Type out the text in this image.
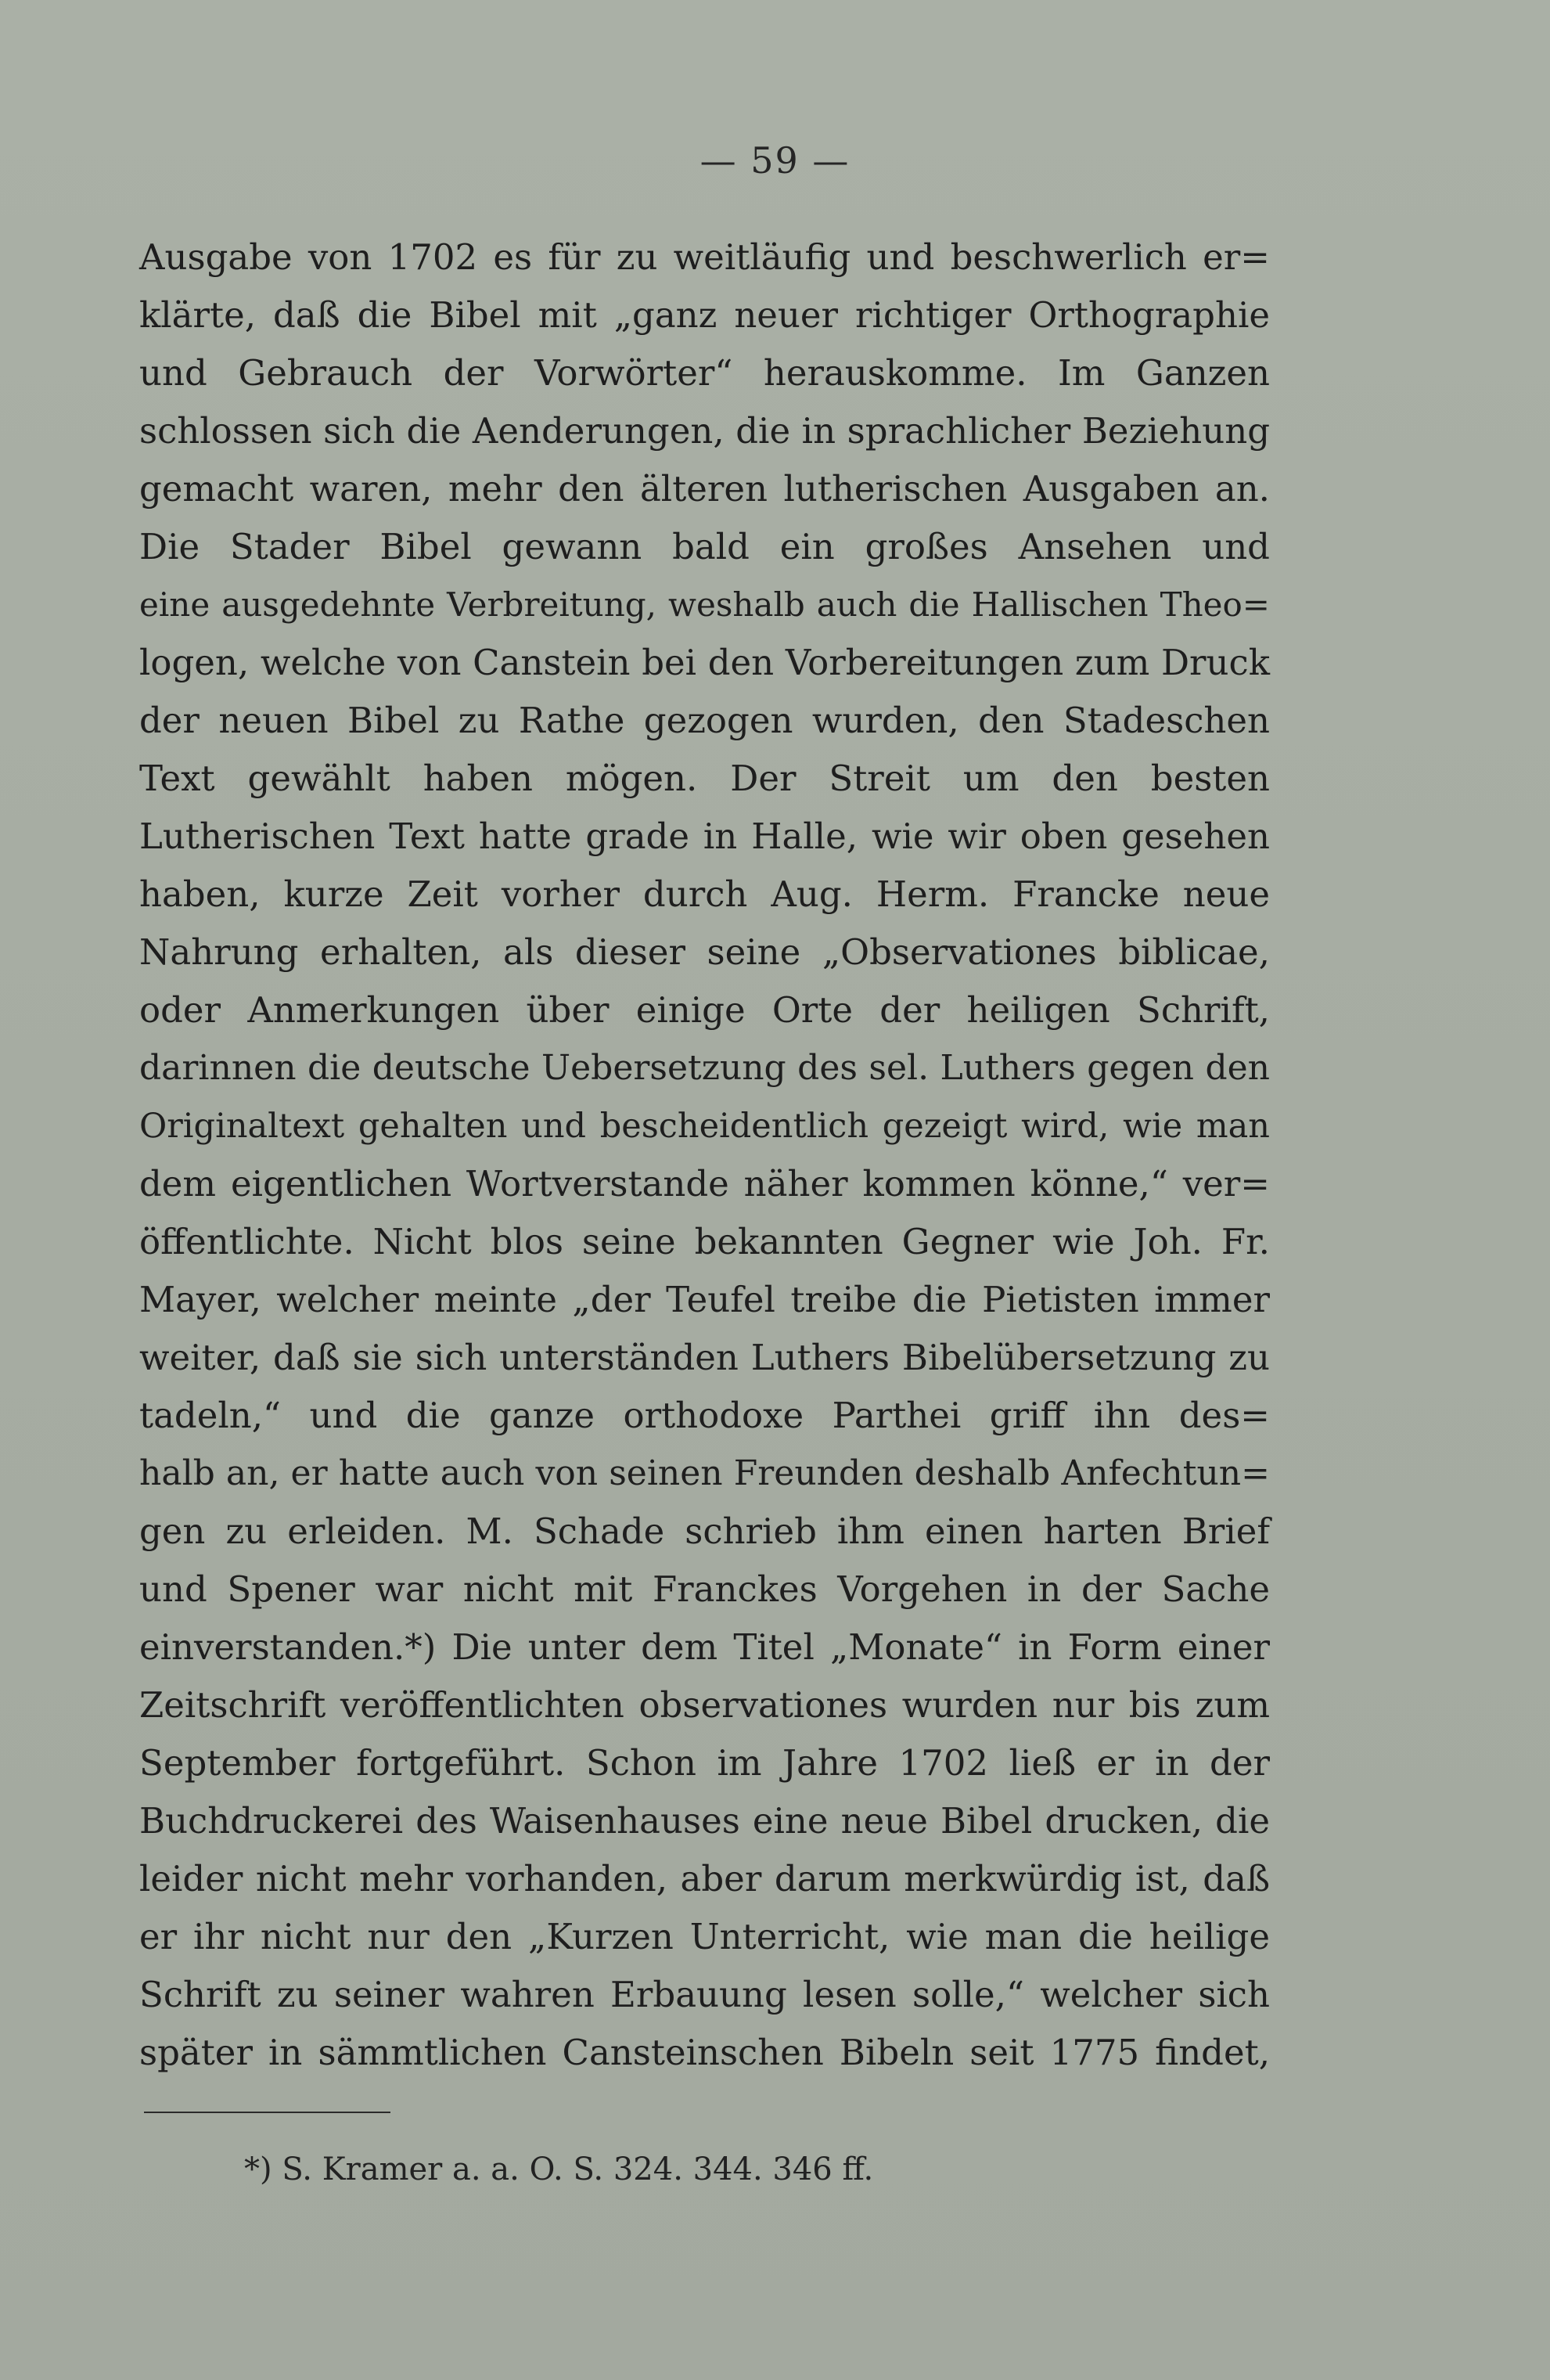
— 59 —
Ausgabe von 1702 es für zu weitläufig und beschwerlich er=
klärte, daß die Bibel mit „ganz neuer richtiger Orthographie
und Gebrauch der Vorwörter“ herauskomme. Im Ganzen
schlossen sich die Aenderungen, die in sprachlicher Beziehung
gemacht waren, mehr den älteren lutherischen Ausgaben an.
Die Stader Bibel gewann bald ein großes Ansehen und
eine ausgedehnte Verbreitung, weshalb auch die Hallischen Theo=
logen, welche von Canstein bei den Vorbereitungen zum Druck
der neuen Bibel zu Rathe gezogen wurden, den Stadeschen
Text gewählt haben mögen. Der Streit um den besten
Lutherischen Text hatte grade in Halle, wie wir oben gesehen
haben, kurze Zeit vorher durch Aug. Herm. Francke neue
Nahrung erhalten, als dieser seine „Observationes biblicae,
oder Anmerkungen über einige Orte der heiligen Schrift,
darinnen die deutsche Uebersetzung des sel. Luthers gegen den
Originaltext gehalten und bescheidentlich gezeigt wird, wie man
dem eigentlichen Wortverstande näher kommen könne,“ ver=
öffentlichte. Nicht blos seine bekannten Gegner wie Joh. Fr.
Mayer, welcher meinte „der Teufel treibe die Pietisten immer
weiter, daß sie sich unterständen Luthers Bibelübersetzung zu
tadeln,“ und die ganze orthodoxe Parthei griff ihn des=
halb an, er hatte auch von seinen Freunden deshalb Anfechtun=
gen zu erleiden. M. Schade schrieb ihm einen harten Brief
und Spener war nicht mit Franckes Vorgehen in der Sache
einverstanden.*) Die unter dem Titel „Monate“ in Form einer
Zeitschrift veröffentlichten observationes wurden nur bis zum
September fortgeführt. Schon im Jahre 1702 ließ er in der
Buchdruckerei des Waisenhauses eine neue Bibel drucken, die
leider nicht mehr vorhanden, aber darum merkwürdig ist, daß
er ihr nicht nur den „Kurzen Unterricht, wie man die heilige
Schrift zu seiner wahren Erbauung lesen solle,“ welcher sich
später in sämmtlichen Cansteinschen Bibeln seit 1775 findet,
*) S. Kramer a. a. O. S. 324. 344. 346 ff.
